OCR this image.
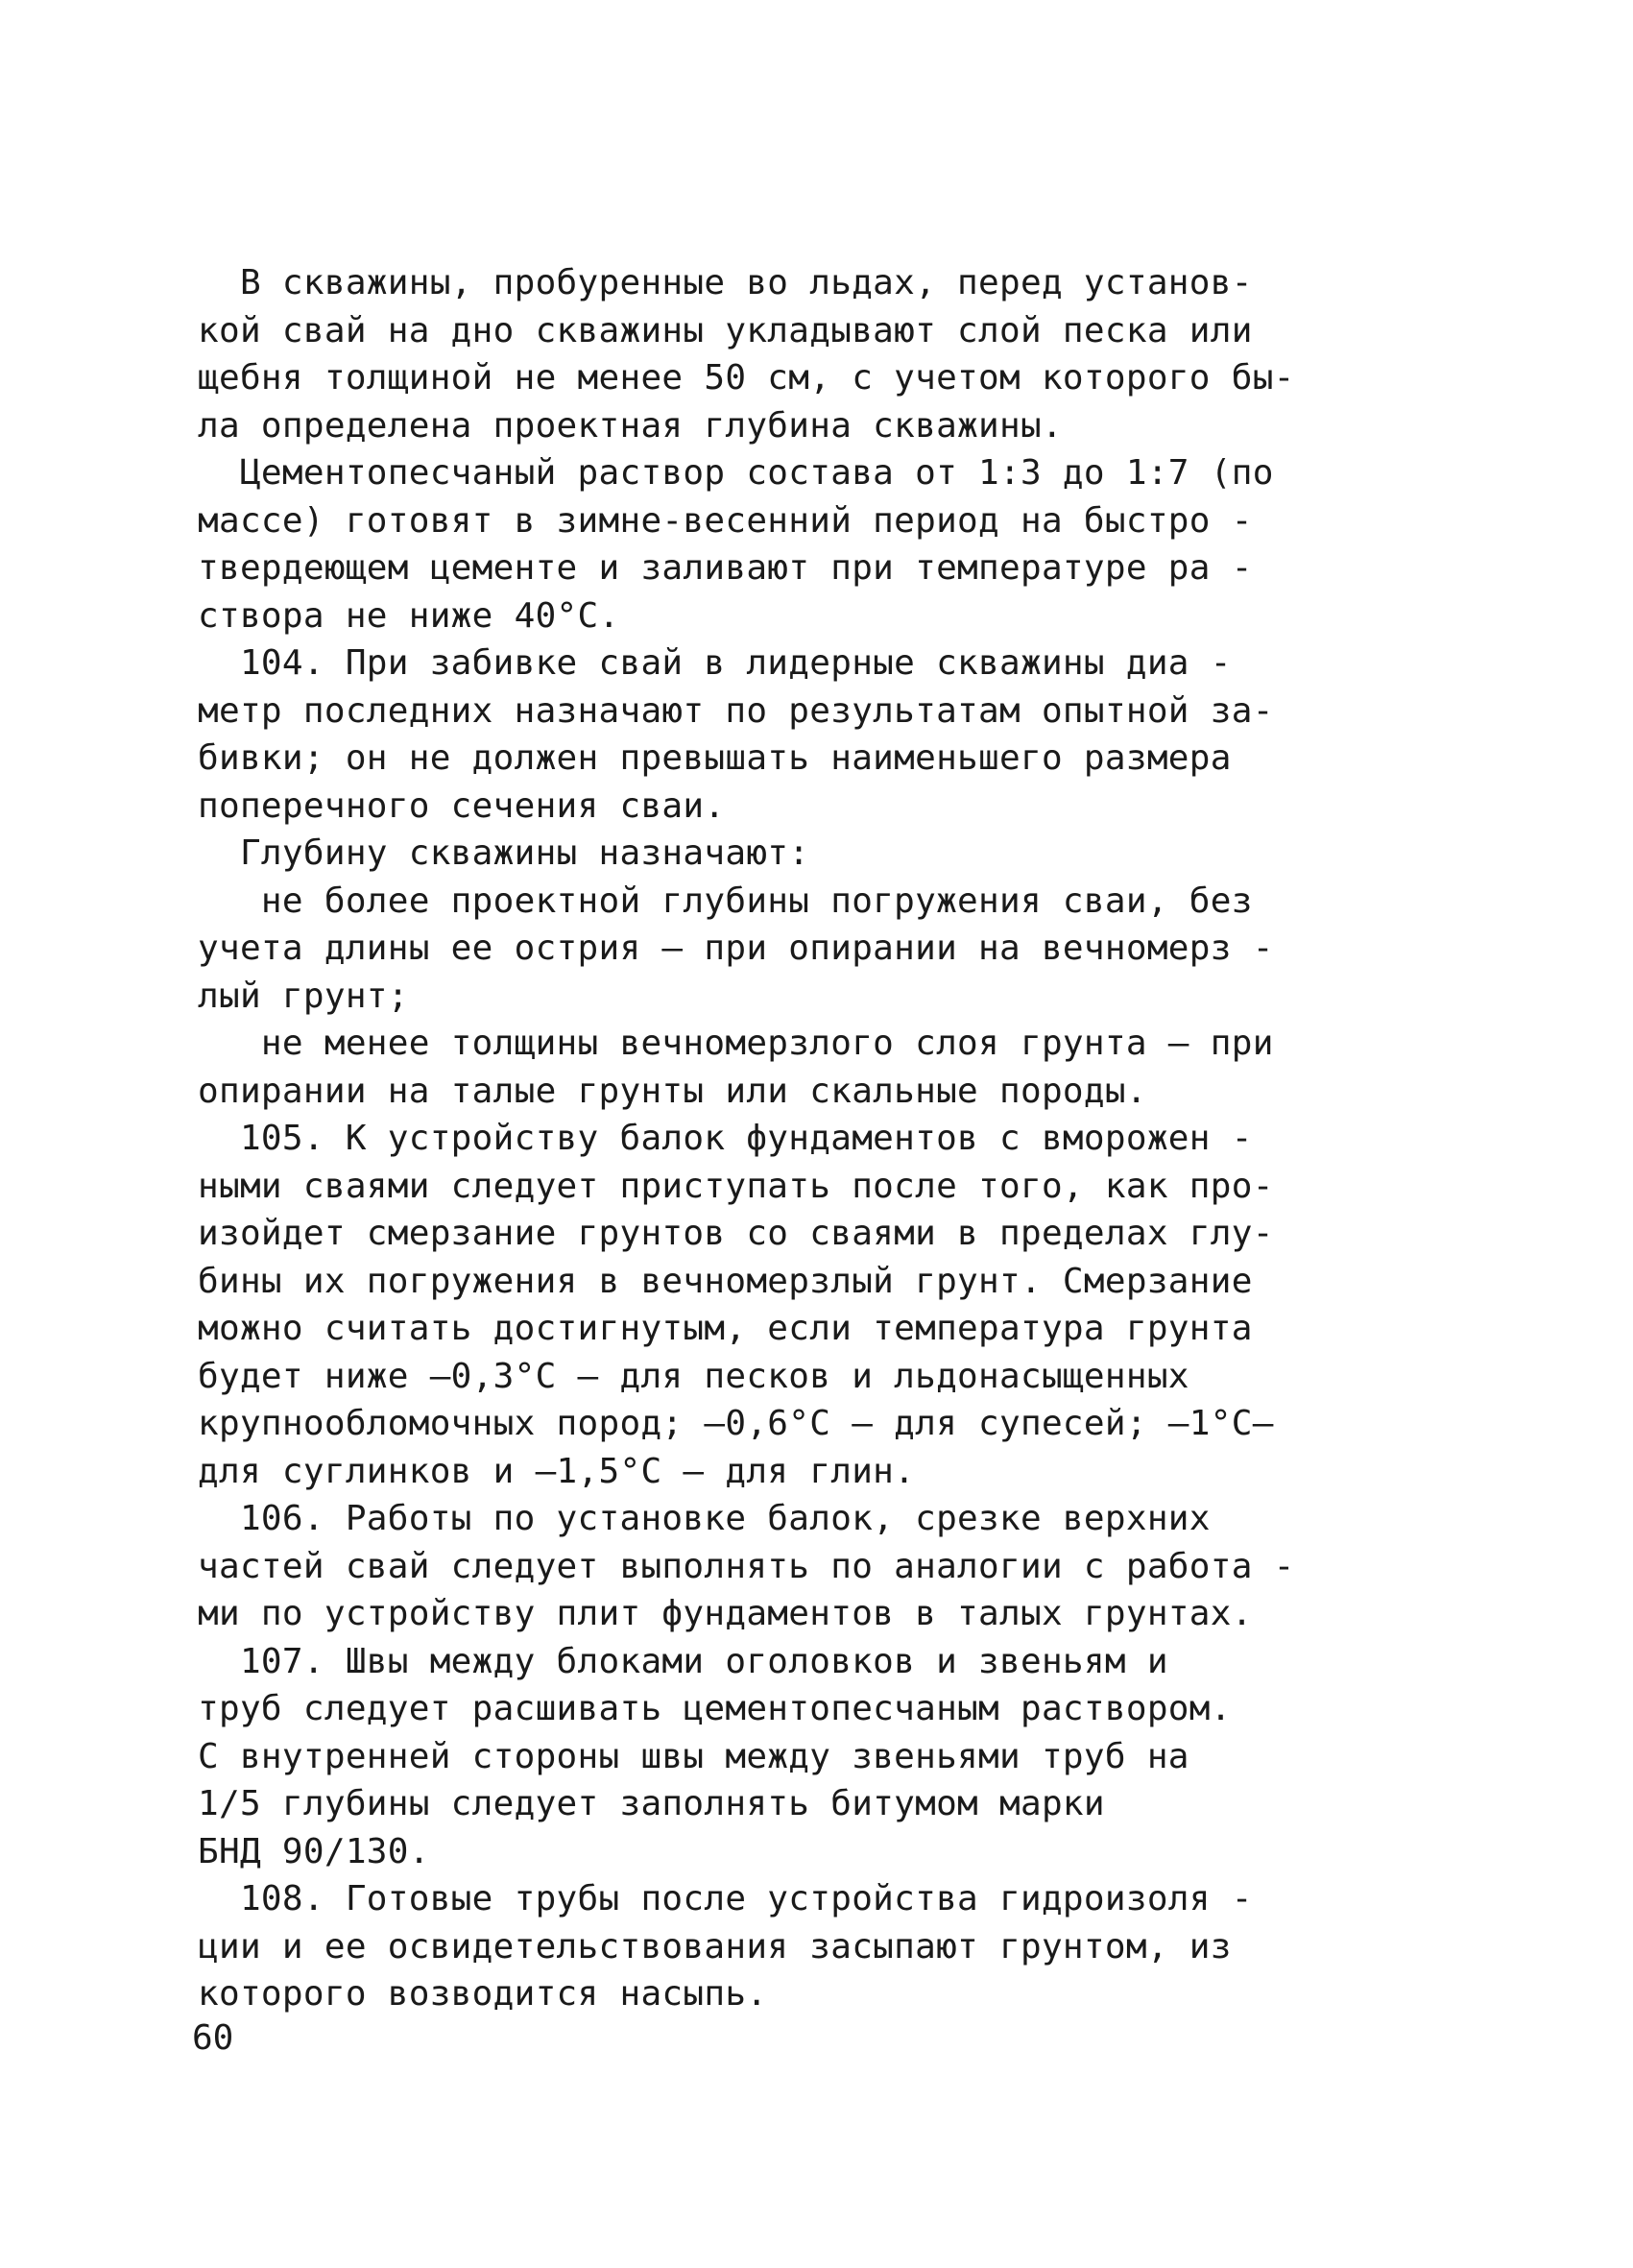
В скважины, пробуренные во льдах, перед установ-
кой свай на дно скважины укладывают слой песка или
щебня толщиной не менее 50 см, с учетом которого бы-
ла определена проектная глубина скважины.
Цементопесчаный раствор состава от 1:3 до 1:7 (по
массе) готовят в зимне-весенний период на быстро -
твердеющем цементе и заливают при температуре ра -
створа не ниже 40°С.
104. При забивке свай в лидерные скважины диа -
метр последних назначают по результатам опытной за-
бивки; он не должен превышать наименьшего размера
поперечного сечения сваи.
Глубину скважины назначают:
не более проектной глубины погружения сваи, без
учета длины ее острия – при опирании на вечномерз -
лый грунт;
не менее толщины вечномерзлого слоя грунта – при
опирании на талые грунты или скальные породы.
105. К устройству балок фундаментов с вморожен -
ными сваями следует приступать после того, как про-
изойдет смерзание грунтов со сваями в пределах глу-
бины их погружения в вечномерзлый грунт. Смерзание
можно считать достигнутым, если температура грунта
будет ниже –0,3°С – для песков и льдонасыщенных
крупнообломочных пород; –0,6°С – для супесей; –1°С–
для суглинков и –1,5°С – для глин.
106. Работы по установке балок, срезке верхних
частей свай следует выполнять по аналогии с работа -
ми по устройству плит фундаментов в талых грунтах.
107. Швы между блоками оголовков и звеньям и
труб следует расшивать цементопесчаным раствором.
С внутренней стороны швы между звеньями труб на
1/5 глубины следует заполнять битумом марки
БНД 90/130.
108. Готовые трубы после устройства гидроизоля -
ции и ее освидетельствования засыпают грунтом, из
которого возводится насыпь.
60
